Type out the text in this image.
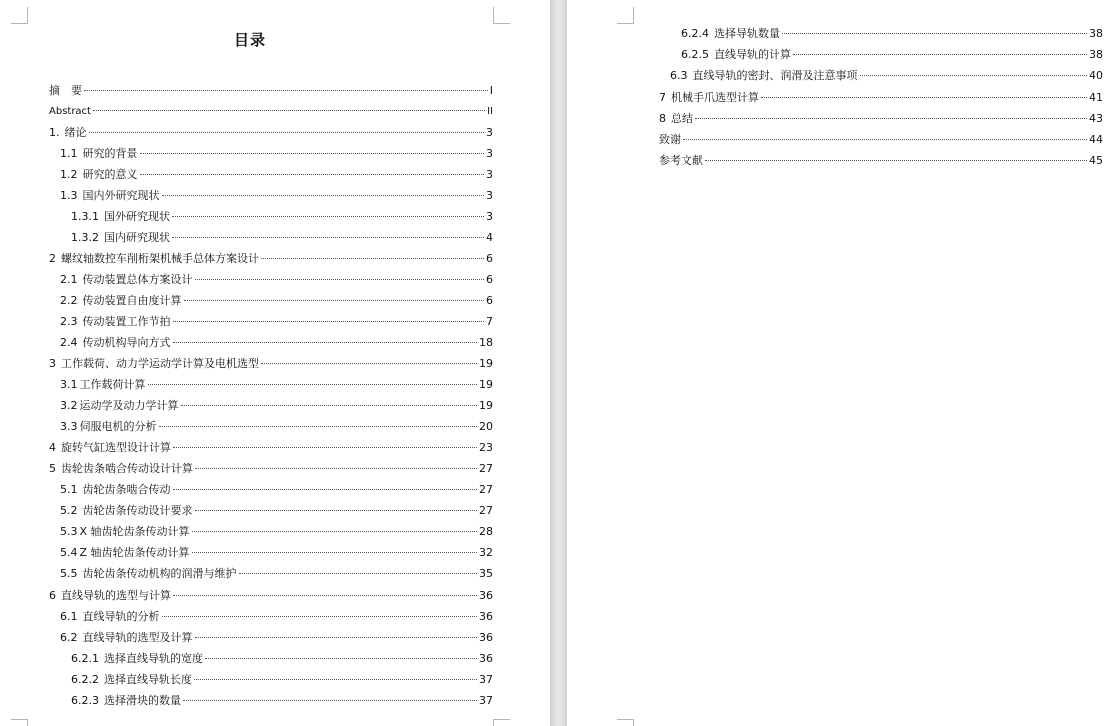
目录
摘　要	I
Abstract	II
1. 绪论	3
1.1 研究的背景	3
1.2 研究的意义	3
1.3 国内外研究现状	3
1.3.1 国外研究现状	3
1.3.2 国内研究现状	4
2 螺纹轴数控车削桁架机械手总体方案设计	6
2.1 传动装置总体方案设计	6
2.2 传动装置自由度计算	6
2.3 传动装置工作节拍	7
2.4 传动机构导向方式	18
3 工作载荷、动力学运动学计算及电机选型	19
3.1 工作载荷计算	19
3.2 运动学及动力学计算	19
3.3 伺服电机的分析	20
4 旋转气缸选型设计计算	23
5 齿轮齿条啮合传动设计计算	27
5.1 齿轮齿条啮合传动	27
5.2 齿轮齿条传动设计要求	27
5.3 X 轴齿轮齿条传动计算	28
5.4 Z 轴齿轮齿条传动计算	32
5.5 齿轮齿条传动机构的润滑与维护	35
6 直线导轨的选型与计算	36
6.1 直线导轨的分析	36
6.2 直线导轨的选型及计算	36
6.2.1 选择直线导轨的宽度	36
6.2.2 选择直线导轨长度	37
6.2.3 选择滑块的数量	37
6.2.4 选择导轨数量	38
6.2.5 直线导轨的计算	38
6.3 直线导轨的密封、润滑及注意事项	40
7 机械手爪选型计算	41
8 总结	43
致谢	44
参考文献	45
